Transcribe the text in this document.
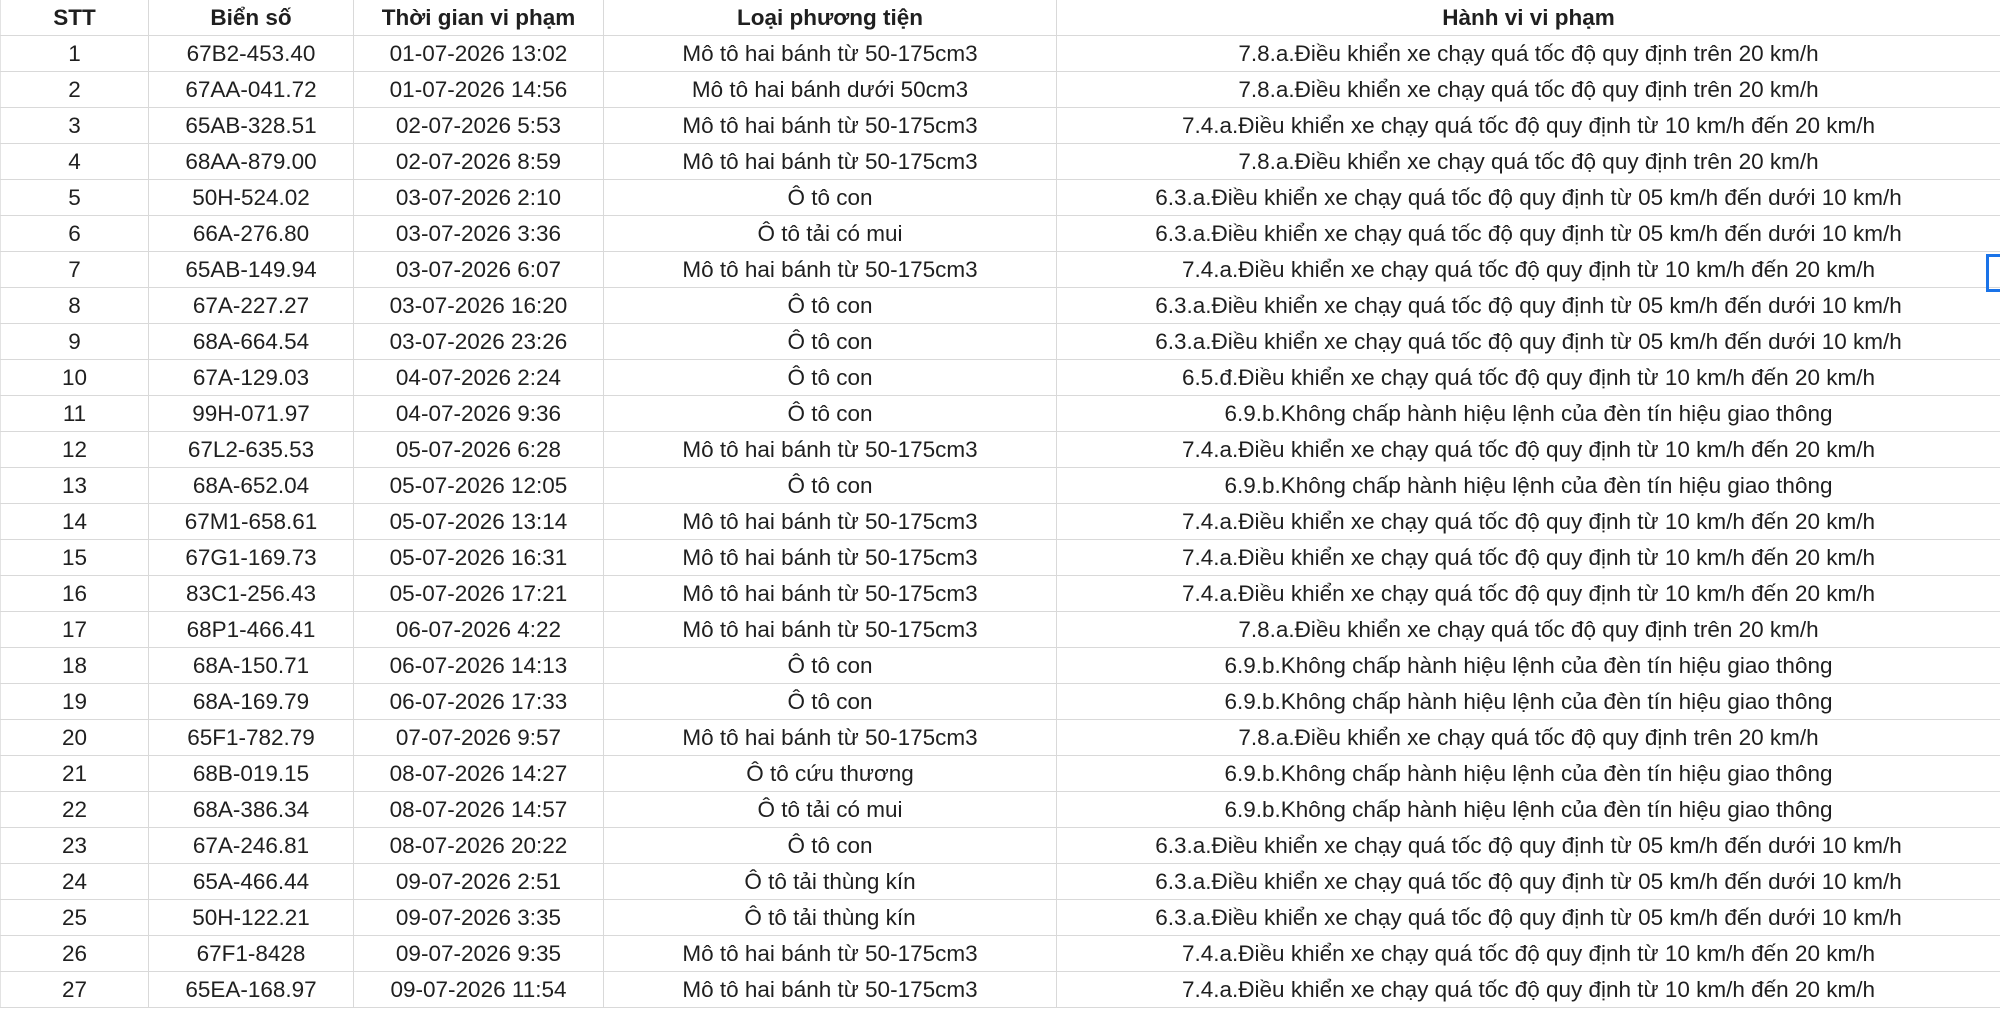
STT	Biển số	Thời gian vi phạm	Loại phương tiện	Hành vi vi phạm
1	67B2-453.40	01-07-2026 13:02	Mô tô hai bánh từ 50-175cm3	7.8.a.Điều khiển xe chạy quá tốc độ quy định trên 20 km/h
2	67AA-041.72	01-07-2026 14:56	Mô tô hai bánh dưới 50cm3	7.8.a.Điều khiển xe chạy quá tốc độ quy định trên 20 km/h
3	65AB-328.51	02-07-2026 5:53	Mô tô hai bánh từ 50-175cm3	7.4.a.Điều khiển xe chạy quá tốc độ quy định từ 10 km/h đến 20 km/h
4	68AA-879.00	02-07-2026 8:59	Mô tô hai bánh từ 50-175cm3	7.8.a.Điều khiển xe chạy quá tốc độ quy định trên 20 km/h
5	50H-524.02	03-07-2026 2:10	Ô tô con	6.3.a.Điều khiển xe chạy quá tốc độ quy định từ 05 km/h đến dưới 10 km/h
6	66A-276.80	03-07-2026 3:36	Ô tô tải có mui	6.3.a.Điều khiển xe chạy quá tốc độ quy định từ 05 km/h đến dưới 10 km/h
7	65AB-149.94	03-07-2026 6:07	Mô tô hai bánh từ 50-175cm3	7.4.a.Điều khiển xe chạy quá tốc độ quy định từ 10 km/h đến 20 km/h
8	67A-227.27	03-07-2026 16:20	Ô tô con	6.3.a.Điều khiển xe chạy quá tốc độ quy định từ 05 km/h đến dưới 10 km/h
9	68A-664.54	03-07-2026 23:26	Ô tô con	6.3.a.Điều khiển xe chạy quá tốc độ quy định từ 05 km/h đến dưới 10 km/h
10	67A-129.03	04-07-2026 2:24	Ô tô con	6.5.đ.Điều khiển xe chạy quá tốc độ quy định từ 10 km/h đến 20 km/h
11	99H-071.97	04-07-2026 9:36	Ô tô con	6.9.b.Không chấp hành hiệu lệnh của đèn tín hiệu giao thông
12	67L2-635.53	05-07-2026 6:28	Mô tô hai bánh từ 50-175cm3	7.4.a.Điều khiển xe chạy quá tốc độ quy định từ 10 km/h đến 20 km/h
13	68A-652.04	05-07-2026 12:05	Ô tô con	6.9.b.Không chấp hành hiệu lệnh của đèn tín hiệu giao thông
14	67M1-658.61	05-07-2026 13:14	Mô tô hai bánh từ 50-175cm3	7.4.a.Điều khiển xe chạy quá tốc độ quy định từ 10 km/h đến 20 km/h
15	67G1-169.73	05-07-2026 16:31	Mô tô hai bánh từ 50-175cm3	7.4.a.Điều khiển xe chạy quá tốc độ quy định từ 10 km/h đến 20 km/h
16	83C1-256.43	05-07-2026 17:21	Mô tô hai bánh từ 50-175cm3	7.4.a.Điều khiển xe chạy quá tốc độ quy định từ 10 km/h đến 20 km/h
17	68P1-466.41	06-07-2026 4:22	Mô tô hai bánh từ 50-175cm3	7.8.a.Điều khiển xe chạy quá tốc độ quy định trên 20 km/h
18	68A-150.71	06-07-2026 14:13	Ô tô con	6.9.b.Không chấp hành hiệu lệnh của đèn tín hiệu giao thông
19	68A-169.79	06-07-2026 17:33	Ô tô con	6.9.b.Không chấp hành hiệu lệnh của đèn tín hiệu giao thông
20	65F1-782.79	07-07-2026 9:57	Mô tô hai bánh từ 50-175cm3	7.8.a.Điều khiển xe chạy quá tốc độ quy định trên 20 km/h
21	68B-019.15	08-07-2026 14:27	Ô tô cứu thương	6.9.b.Không chấp hành hiệu lệnh của đèn tín hiệu giao thông
22	68A-386.34	08-07-2026 14:57	Ô tô tải có mui	6.9.b.Không chấp hành hiệu lệnh của đèn tín hiệu giao thông
23	67A-246.81	08-07-2026 20:22	Ô tô con	6.3.a.Điều khiển xe chạy quá tốc độ quy định từ 05 km/h đến dưới 10 km/h
24	65A-466.44	09-07-2026 2:51	Ô tô tải thùng kín	6.3.a.Điều khiển xe chạy quá tốc độ quy định từ 05 km/h đến dưới 10 km/h
25	50H-122.21	09-07-2026 3:35	Ô tô tải thùng kín	6.3.a.Điều khiển xe chạy quá tốc độ quy định từ 05 km/h đến dưới 10 km/h
26	67F1-8428	09-07-2026 9:35	Mô tô hai bánh từ 50-175cm3	7.4.a.Điều khiển xe chạy quá tốc độ quy định từ 10 km/h đến 20 km/h
27	65EA-168.97	09-07-2026 11:54	Mô tô hai bánh từ 50-175cm3	7.4.a.Điều khiển xe chạy quá tốc độ quy định từ 10 km/h đến 20 km/h
